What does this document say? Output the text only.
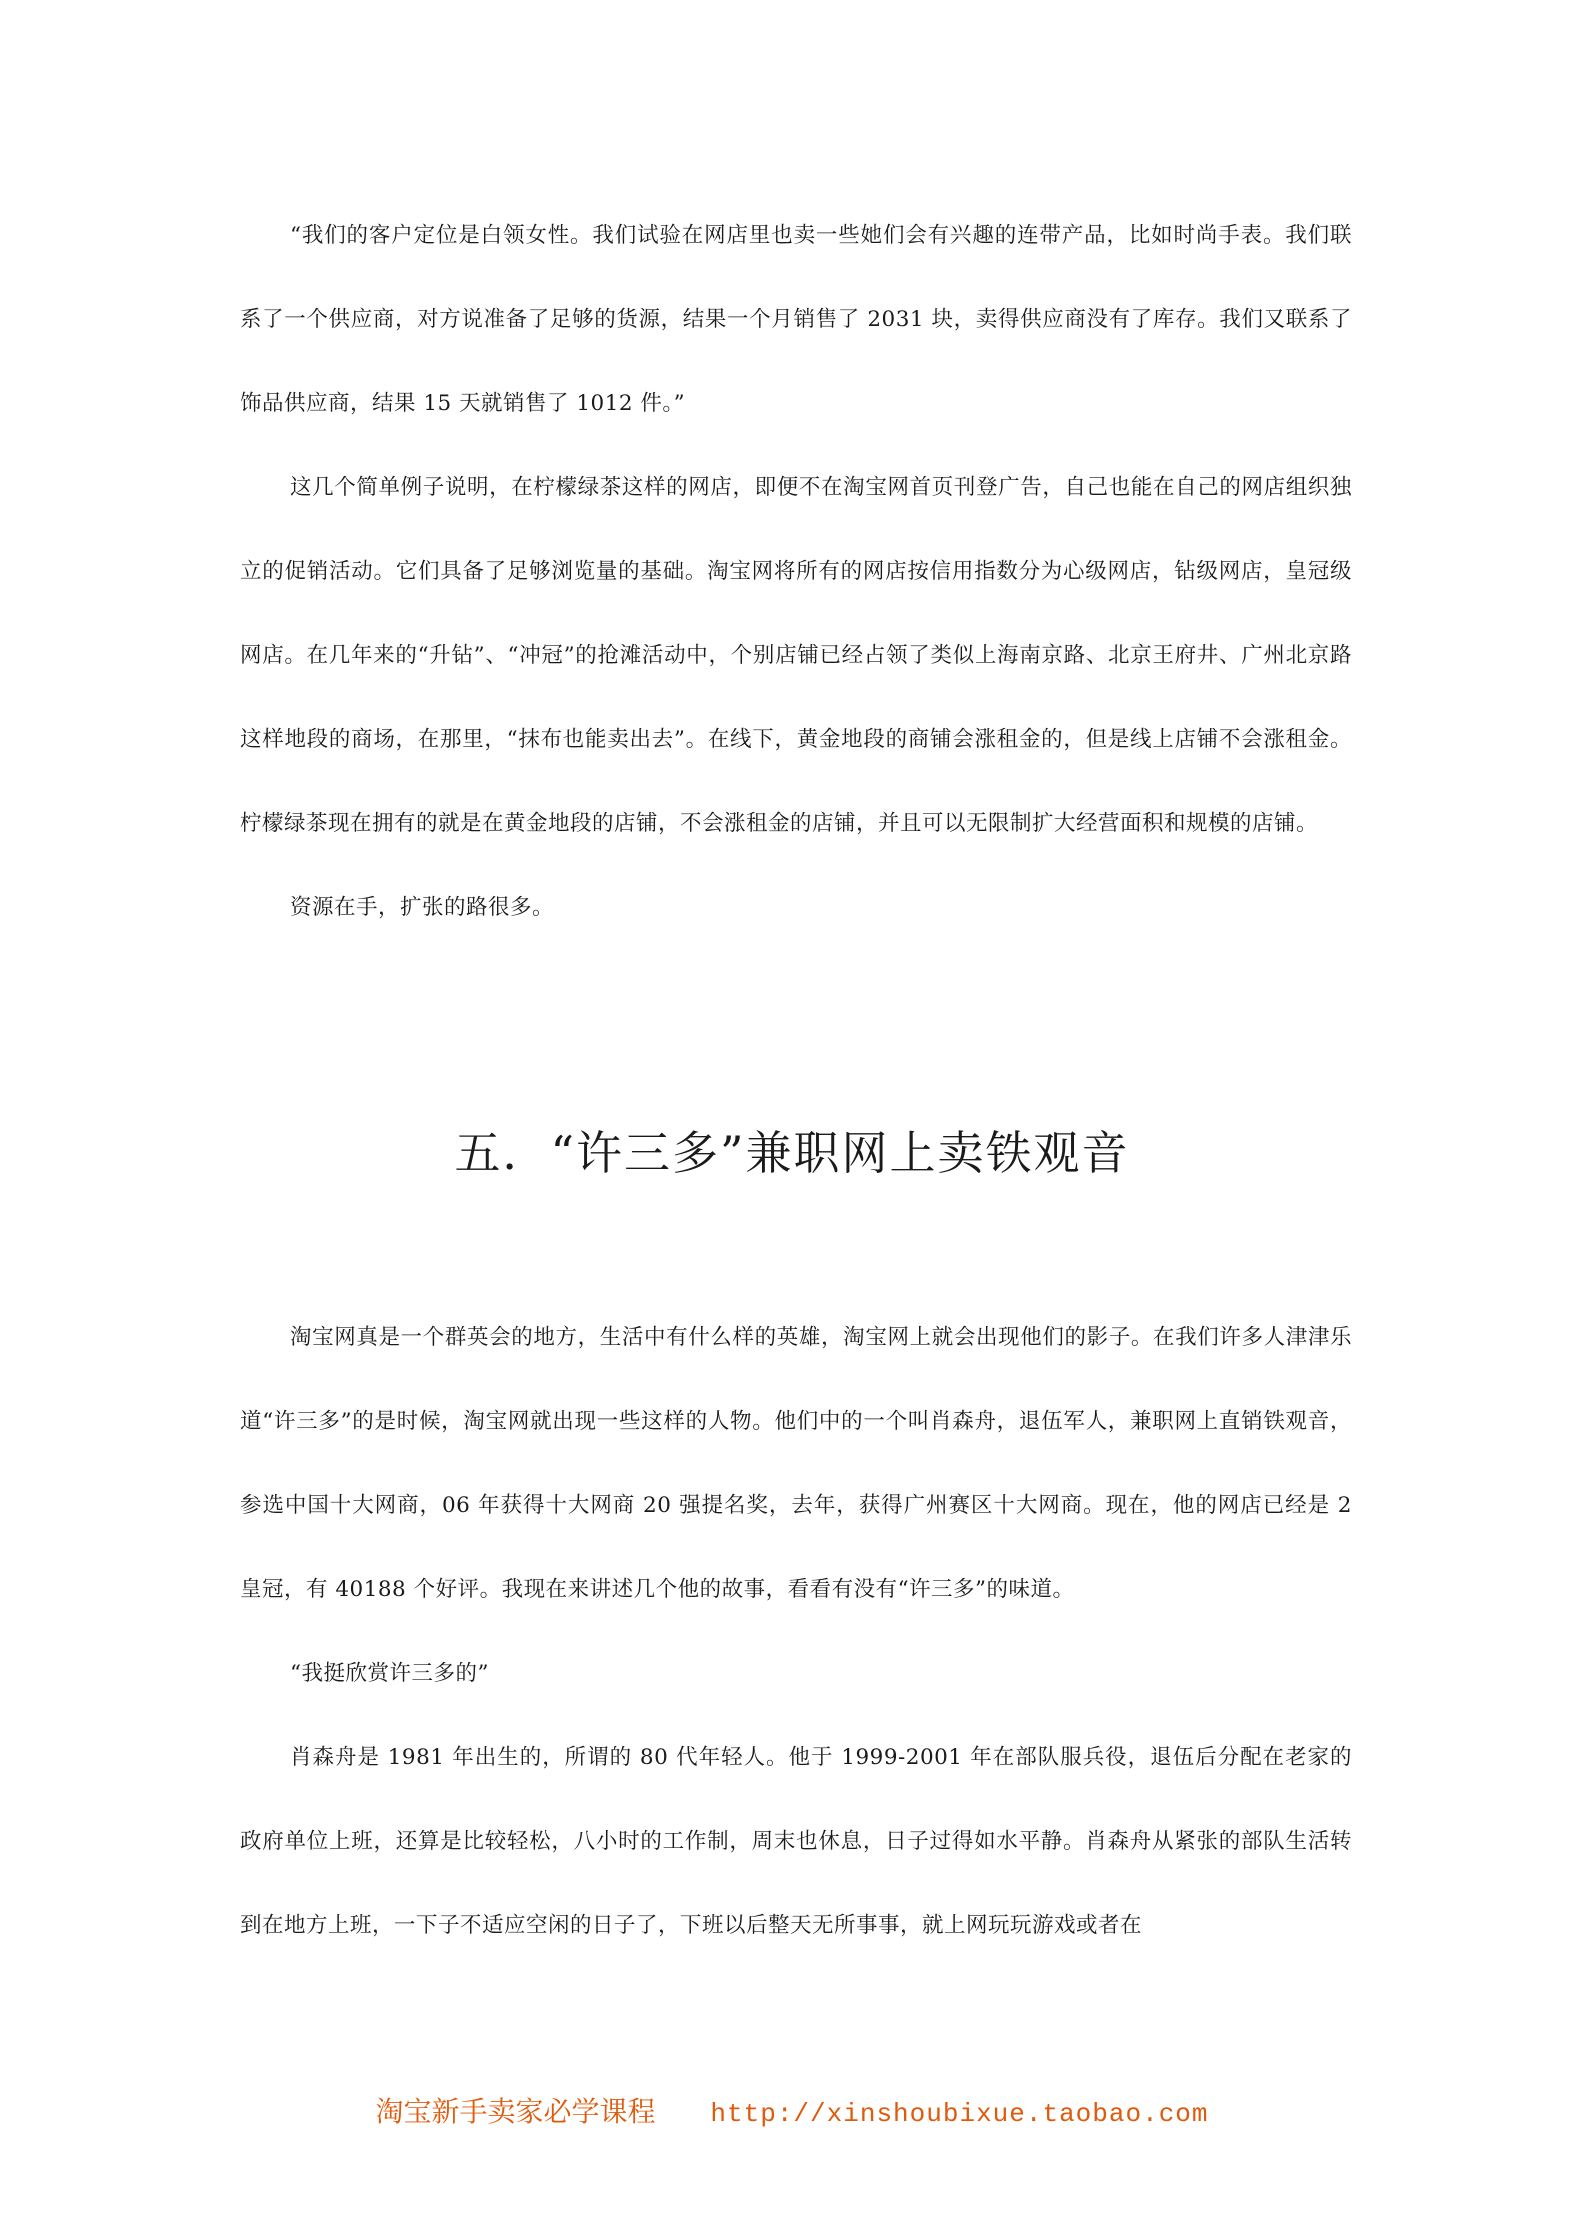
“我们的客户定位是白领女性。我们试验在网店里也卖一些她们会有兴趣的连带产品，比如时尚手表。我们联系了一个供应商，对方说准备了足够的货源，结果一个月销售了 2031 块，卖得供应商没有了库存。我们又联系了饰品供应商，结果 15 天就销售了 1012 件。”

这几个简单例子说明，在柠檬绿茶这样的网店，即便不在淘宝网首页刊登广告，自己也能在自己的网店组织独立的促销活动。它们具备了足够浏览量的基础。淘宝网将所有的网店按信用指数分为心级网店，钻级网店，皇冠级网店。在几年来的“升钻”、“冲冠”的抢滩活动中，个别店铺已经占领了类似上海南京路、北京王府井、广州北京路这样地段的商场，在那里，“抹布也能卖出去”。在线下，黄金地段的商铺会涨租金的，但是线上店铺不会涨租金。柠檬绿茶现在拥有的就是在黄金地段的店铺，不会涨租金的店铺，并且可以无限制扩大经营面积和规模的店铺。

资源在手，扩张的路很多。

五．“许三多”兼职网上卖铁观音

淘宝网真是一个群英会的地方，生活中有什么样的英雄，淘宝网上就会出现他们的影子。在我们许多人津津乐道“许三多”的是时候，淘宝网就出现一些这样的人物。他们中的一个叫肖森舟，退伍军人，兼职网上直销铁观音，参选中国十大网商，06 年获得十大网商 20 强提名奖，去年，获得广州赛区十大网商。现在，他的网店已经是 2 皇冠，有 40188 个好评。我现在来讲述几个他的故事，看看有没有“许三多”的味道。

“我挺欣赏许三多的”

肖森舟是 1981 年出生的，所谓的 80 代年轻人。他于 1999-2001 年在部队服兵役，退伍后分配在老家的政府单位上班，还算是比较轻松，八小时的工作制，周末也休息，日子过得如水平静。肖森舟从紧张的部队生活转到在地方上班，一下子不适应空闲的日子了，下班以后整天无所事事，就上网玩玩游戏或者在

淘宝新手卖家必学课程 http://xinshoubixue.taobao.com
